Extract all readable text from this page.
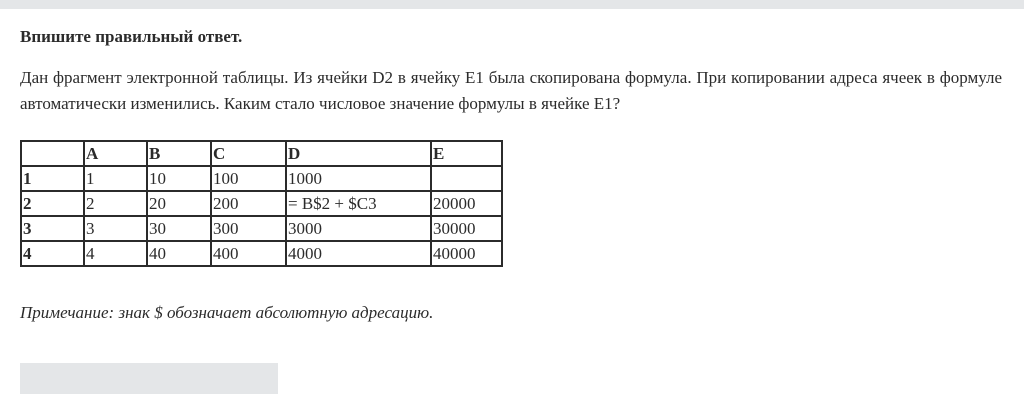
Впишите правильный ответ.

Дан фрагмент электронной таблицы. Из ячейки D2 в ячейку E1 была скопирована формула. При копировании адреса ячеек в формуле автоматически изменились. Каким стало числовое значение формулы в ячейке E1?

	A	B	C	D	E
1	1	10	100	1000	
2	2	20	200	= B$2 + $C3	20000
3	3	30	300	3000	30000
4	4	40	400	4000	40000

Примечание: знак $ обозначает абсолютную адресацию.
